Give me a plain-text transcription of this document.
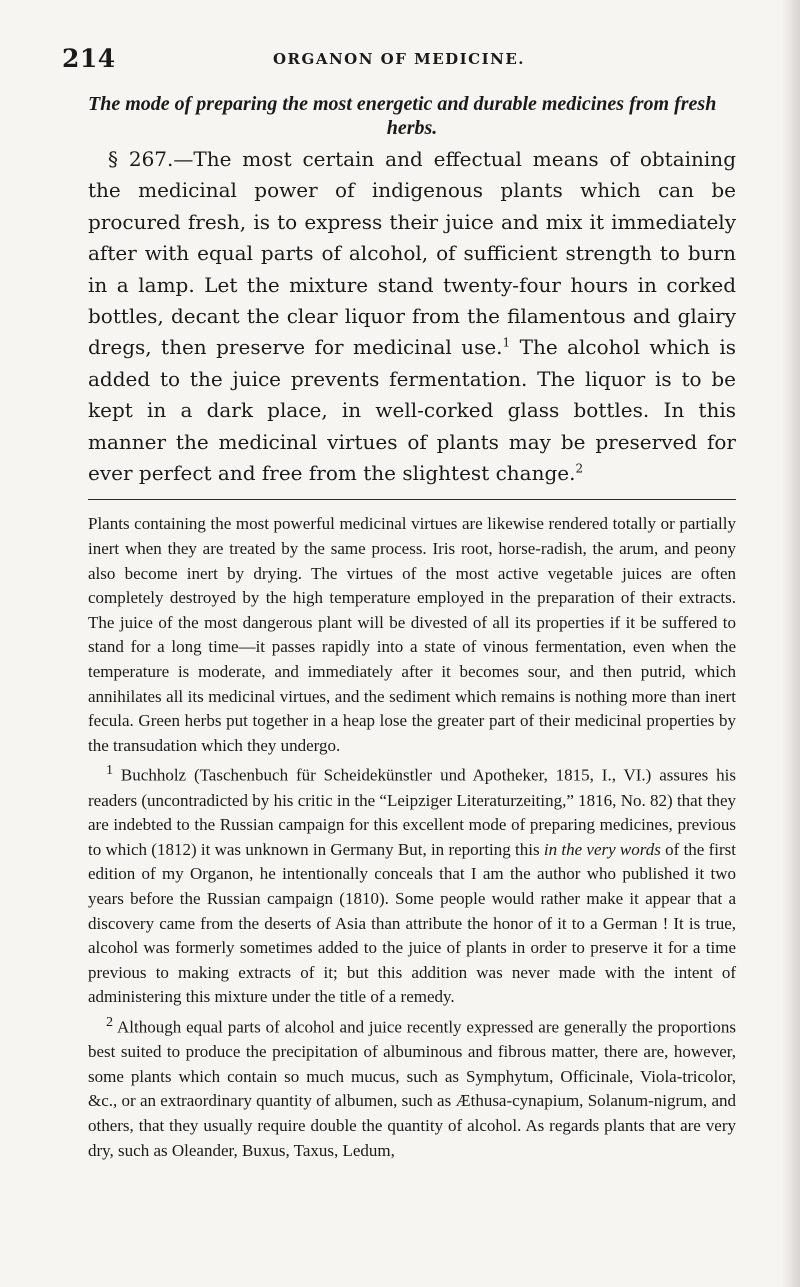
214	ORGANON OF MEDICINE.
The mode of preparing the most energetic and durable medicines from fresh
herbs.

§ 267.—The most certain and effectual means of obtaining the medicinal power of indigenous plants which can be procured fresh, is to express their juice and mix it immediately after with equal parts of alcohol, of sufficient strength to burn in a lamp. Let the mixture stand twenty-four hours in corked bottles, decant the clear liquor from the filamentous and glairy dregs, then preserve for medicinal use.$^1$ The alcohol which is added to the juice prevents fermentation. The liquor is to be kept in a dark place, in well-corked glass bottles. In this manner the medicinal virtues of plants may be preserved for ever perfect and free from the slightest change.$^2$

Plants containing the most powerful medicinal virtues are likewise rendered totally or partially inert when they are treated by the same process. Iris root, horse-radish, the arum, and peony also become inert by drying. The virtues of the most active vegetable juices are often completely destroyed by the high temperature employed in the preparation of their extracts. The juice of the most dangerous plant will be divested of all its properties if it be suffered to stand for a long time—it passes rapidly into a state of vinous fermentation, even when the temperature is moderate, and immediately after it becomes sour, and then putrid, which annihilates all its medicinal virtues, and the sediment which remains is nothing more than inert fecula. Green herbs put together in a heap lose the greater part of their medicinal properties by the transudation which they undergo.

$^1$ Buchholz (Taschenbuch für Scheidekünstler und Apotheker, 1815, I., VI.) assures his readers (uncontradicted by his critic in the “Leipziger Literaturzeiting,” 1816, No. 82) that they are indebted to the Russian campaign for this excellent mode of preparing medicines, previous to which (1812) it was unknown in Germany But, in reporting this in the very words of the first edition of my Organon, he intentionally conceals that I am the author who published it two years before the Russian campaign (1810). Some people would rather make it appear that a discovery came from the deserts of Asia than attribute the honor of it to a German ! It is true, alcohol was formerly sometimes added to the juice of plants in order to preserve it for a time previous to making extracts of it; but this addition was never made with the intent of administering this mixture under the title of a remedy.

$^2$ Although equal parts of alcohol and juice recently expressed are generally the proportions best suited to produce the precipitation of albuminous and fibrous matter, there are, however, some plants which contain so much mucus, such as Symphytum, Officinale, Viola-tricolor, &c., or an extraordinary quantity of albumen, such as Æthusa-cynapium, Solanum-nigrum, and others, that they usually require double the quantity of alcohol. As regards plants that are very dry, such as Oleander, Buxus, Taxus, Ledum,
